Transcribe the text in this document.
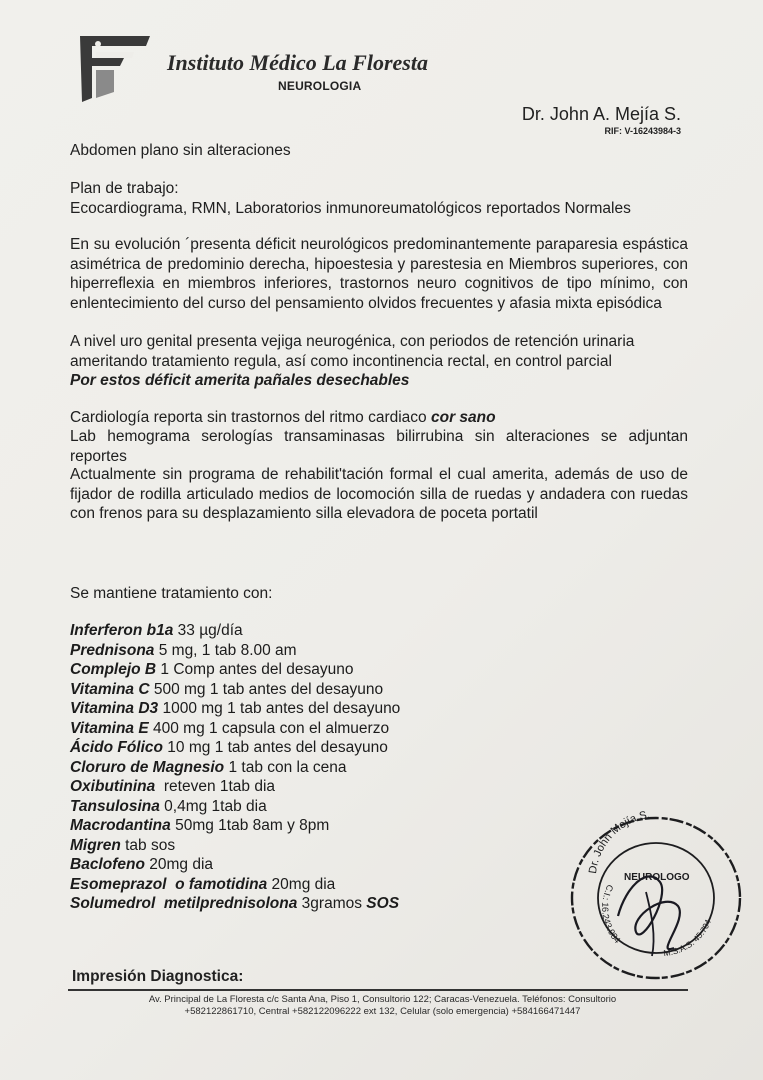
Instituto Médico La Floresta
NEUROLOGIA
Dr. John A. Mejía S.
RIF: V-16243984-3
Abdomen plano sin alteraciones
Plan de trabajo:
Ecocardiograma, RMN, Laboratorios inmunoreumatológicos reportados Normales
En su evolución ´presenta déficit neurológicos predominantemente paraparesia espástica asimétrica de predominio derecha, hipoestesia y parestesia en Miembros superiores, con hiperreflexia en miembros inferiores, trastornos neuro cognitivos de tipo mínimo, con enlentecimiento del curso del pensamiento olvidos frecuentes y afasia mixta episódica
A nivel uro genital presenta vejiga neurogénica, con periodos de retención urinaria ameritando tratamiento regula, así como incontinencia rectal, en control parcial
Por estos déficit amerita pañales desechables
Cardiología reporta sin trastornos del ritmo cardiaco cor sano
Lab hemograma serologías transaminasas bilirrubina sin alteraciones se adjuntan reportes
Actualmente sin programa de rehabilit'tación formal el cual amerita, además de uso de fijador de rodilla articulado medios de locomoción silla de ruedas y andadera con ruedas con frenos para su desplazamiento silla elevadora de poceta portatil
Se mantiene tratamiento con:
Inferferon b1a 33 µg/día
Prednisona 5 mg, 1 tab 8.00 am
Complejo B 1 Comp antes del desayuno
Vitamina C 500 mg 1 tab antes del desayuno
Vitamina D3 1000 mg 1 tab antes del desayuno
Vitamina E 400 mg 1 capsula con el almuerzo
Ácido Fólico 10 mg 1 tab antes del desayuno
Cloruro de Magnesio 1 tab con la cena
Oxibutinina  reteven 1tab dia
Tansulosina 0,4mg 1tab dia
Macrodantina 50mg 1tab 8am y 8pm
Migren tab sos
Baclofeno 20mg dia
Esomeprazol  o famotidina 20mg dia
Solumedrol  metilprednisolona 3gramos SOS
Dr. John Mejía S.
NEUROLOGO
C.I.: 16.243.984
M.S.A.S. 45.704
Impresión Diagnostica:
Av. Principal de La Floresta c/c Santa Ana, Piso 1, Consultorio 122; Caracas-Venezuela. Teléfonos: Consultorio
+582122861710, Central +582122096222 ext 132, Celular (solo emergencia) +584166471447
